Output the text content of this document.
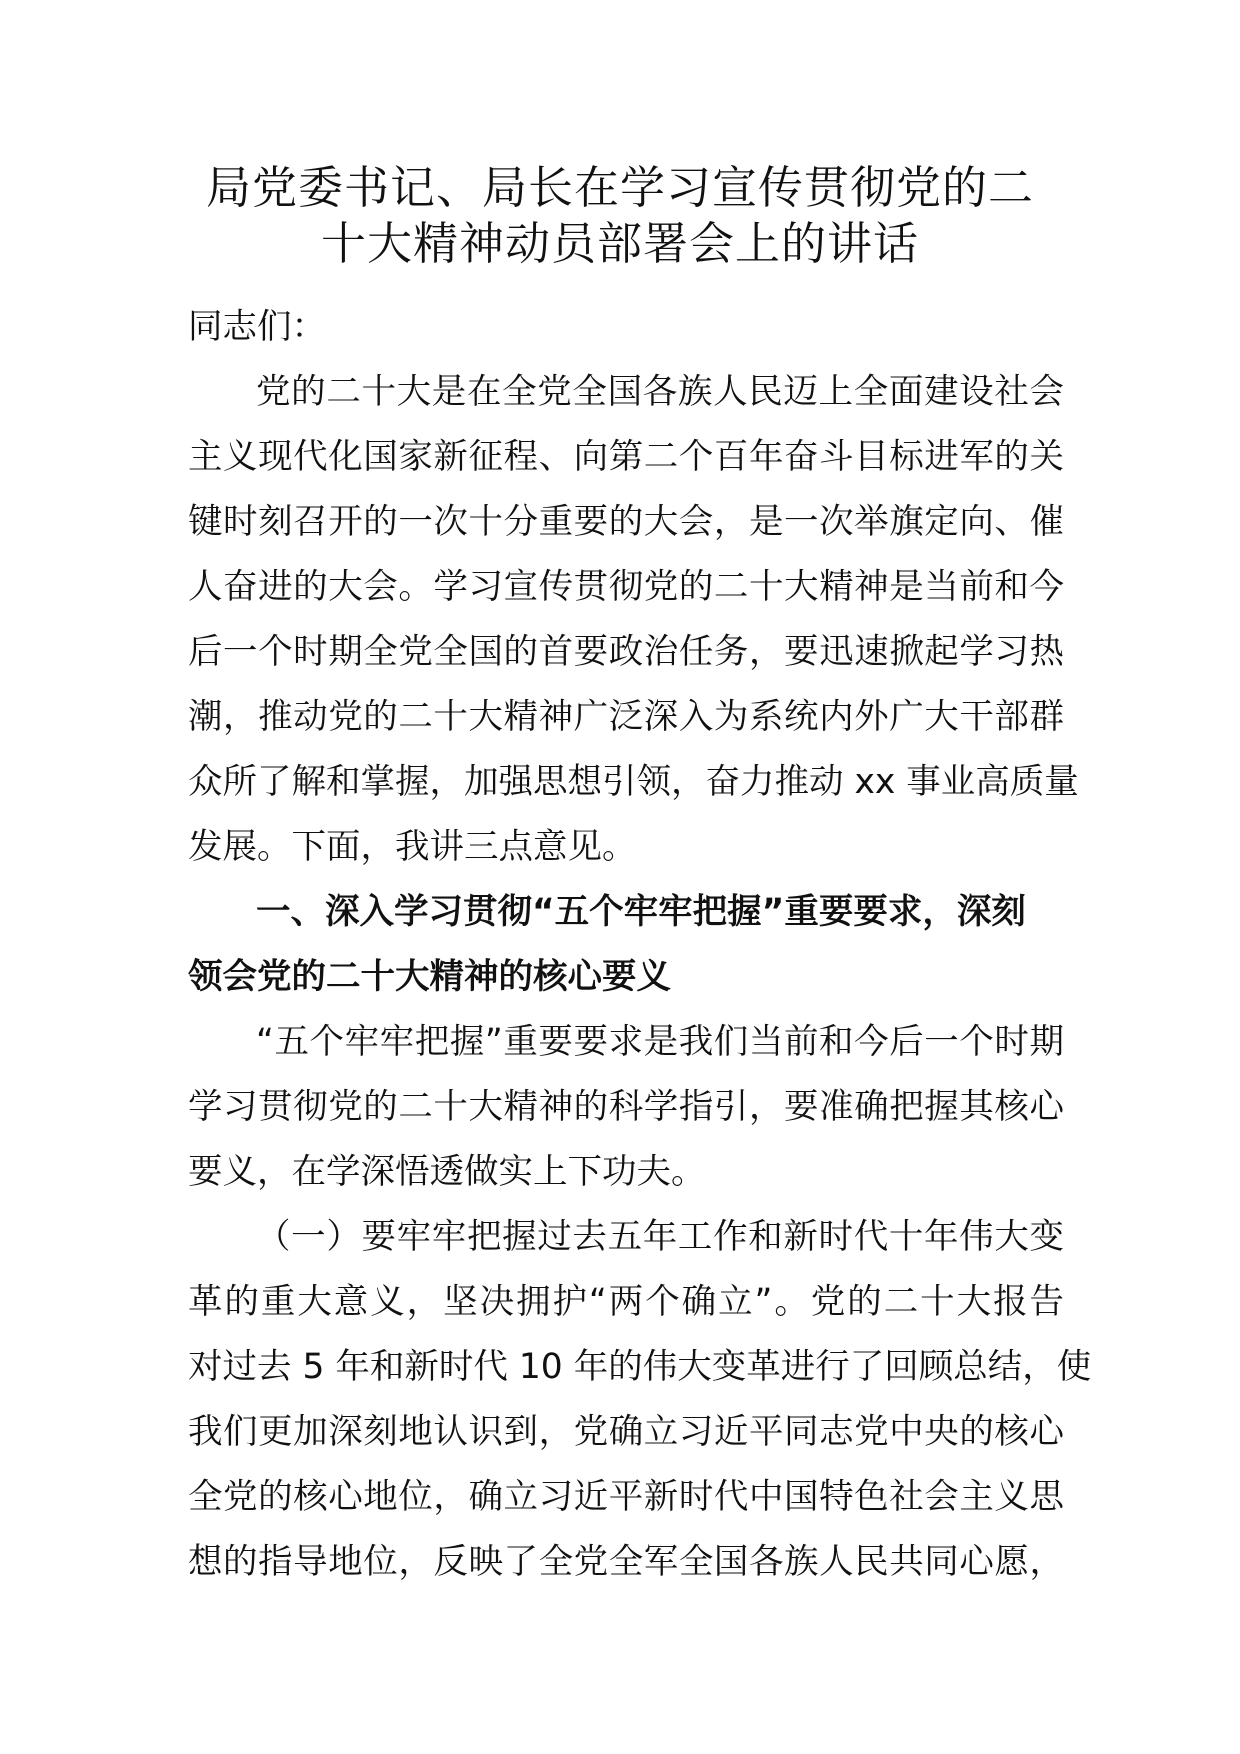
局党委书记、局长在学习宣传贯彻党的二
十大精神动员部署会上的讲话
同志们：
党的二十大是在全党全国各族人民迈上全面建设社会
主义现代化国家新征程、向第二个百年奋斗目标进军的关
键时刻召开的一次十分重要的大会，是一次举旗定向、催
人奋进的大会。学习宣传贯彻党的二十大精神是当前和今
后一个时期全党全国的首要政治任务，要迅速掀起学习热
潮，推动党的二十大精神广泛深入为系统内外广大干部群
众所了解和掌握，加强思想引领，奋力推动 xx 事业高质量
发展。下面，我讲三点意见。
一、深入学习贯彻“五个牢牢把握”重要要求，深刻
领会党的二十大精神的核心要义
“五个牢牢把握”重要要求是我们当前和今后一个时期
学习贯彻党的二十大精神的科学指引，要准确把握其核心
要义，在学深悟透做实上下功夫。
（一）要牢牢把握过去五年工作和新时代十年伟大变
革的重大意义，坚决拥护“两个确立”。党的二十大报告
对过去 5 年和新时代 10 年的伟大变革进行了回顾总结，使
我们更加深刻地认识到，党确立习近平同志党中央的核心
全党的核心地位，确立习近平新时代中国特色社会主义思
想的指导地位，反映了全党全军全国各族人民共同心愿，
